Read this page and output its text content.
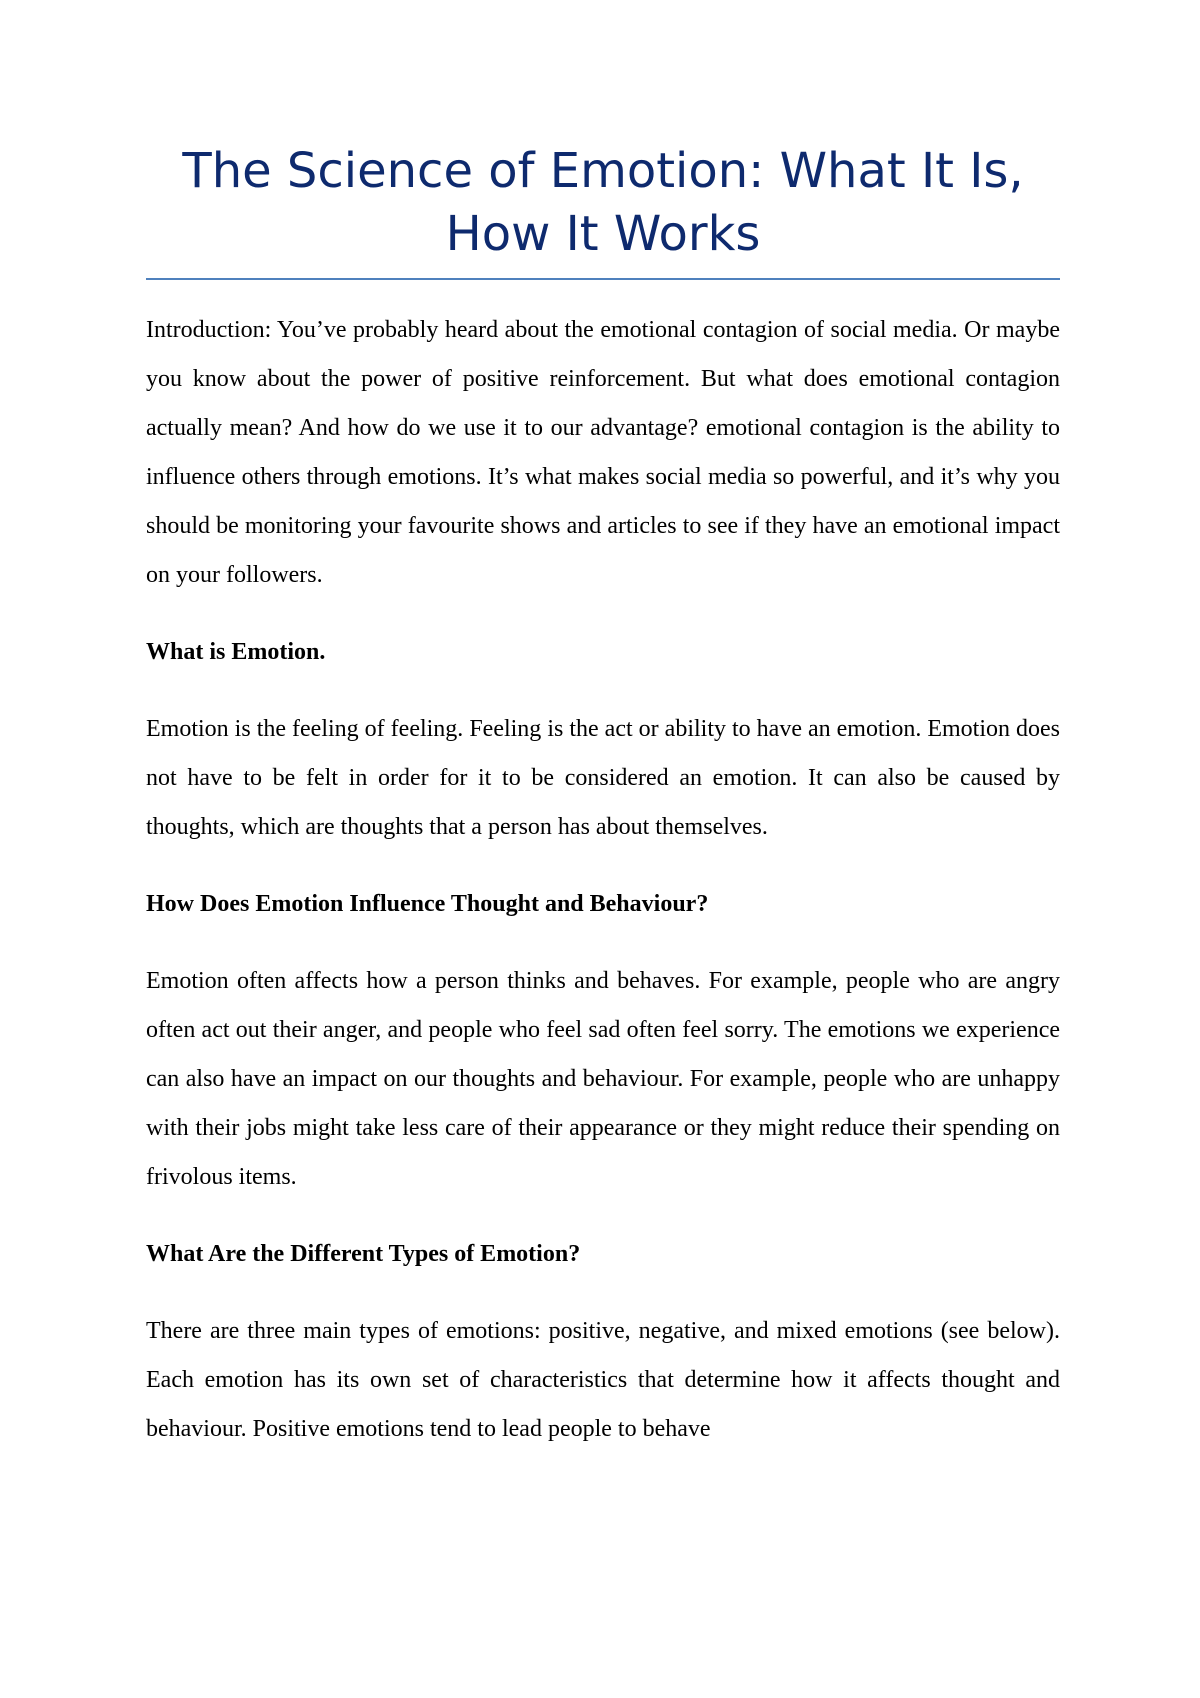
The Science of Emotion: What It Is, How It Works

Introduction: You’ve probably heard about the emotional contagion of social media. Or maybe you know about the power of positive reinforcement. But what does emotional contagion actually mean? And how do we use it to our advantage? emotional contagion is the ability to influence others through emotions. It’s what makes social media so powerful, and it’s why you should be monitoring your favourite shows and articles to see if they have an emotional impact on your followers.

What is Emotion.

Emotion is the feeling of feeling. Feeling is the act or ability to have an emotion. Emotion does not have to be felt in order for it to be considered an emotion. It can also be caused by thoughts, which are thoughts that a person has about themselves.

How Does Emotion Influence Thought and Behaviour?

Emotion often affects how a person thinks and behaves. For example, people who are angry often act out their anger, and people who feel sad often feel sorry. The emotions we experience can also have an impact on our thoughts and behaviour. For example, people who are unhappy with their jobs might take less care of their appearance or they might reduce their spending on frivolous items.

What Are the Different Types of Emotion?

There are three main types of emotions: positive, negative, and mixed emotions (see below). Each emotion has its own set of characteristics that determine how it affects thought and behaviour. Positive emotions tend to lead people to behave
